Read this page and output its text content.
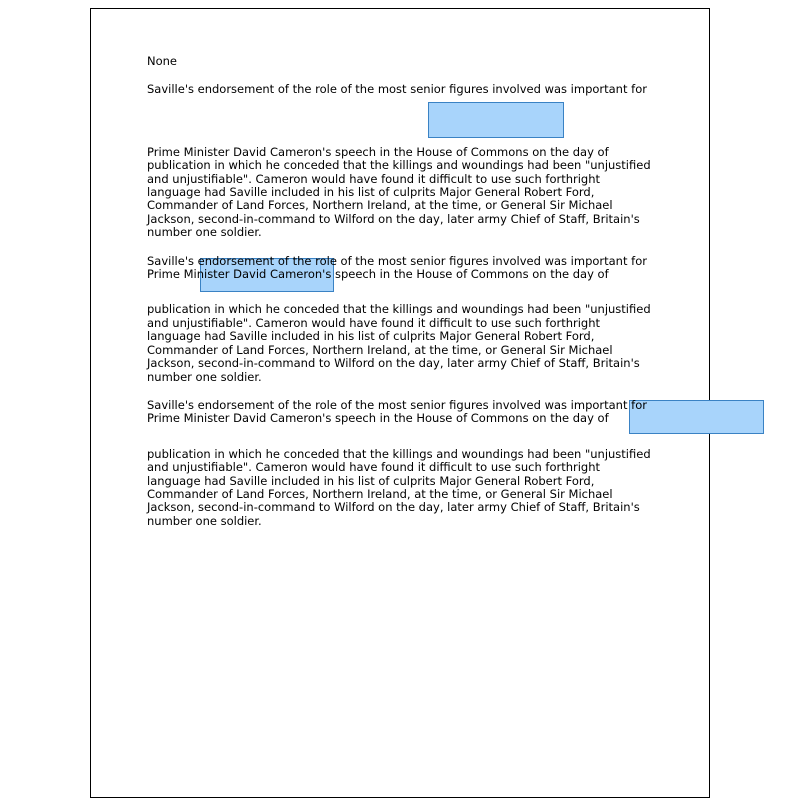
None

Saville's endorsement of the role of the most senior figures involved was important for

Prime Minister David Cameron's speech in the House of Commons on the day of publication in which he conceded that the killings and woundings had been "unjustified and unjustifiable". Cameron would have found it difficult to use such forthright language had Saville included in his list of culprits Major General Robert Ford, Commander of Land Forces, Northern Ireland, at the time, or General Sir Michael Jackson, second-in-command to Wilford on the day, later army Chief of Staff, Britain's number one soldier.

Saville's endorsement of the role of the most senior figures involved was important for Prime Minister David Cameron's speech in the House of Commons on the day of

publication in which he conceded that the killings and woundings had been "unjustified and unjustifiable". Cameron would have found it difficult to use such forthright language had Saville included in his list of culprits Major General Robert Ford, Commander of Land Forces, Northern Ireland, at the time, or General Sir Michael Jackson, second-in-command to Wilford on the day, later army Chief of Staff, Britain's number one soldier.

Saville's endorsement of the role of the most senior figures involved was important for Prime Minister David Cameron's speech in the House of Commons on the day of

publication in which he conceded that the killings and woundings had been "unjustified and unjustifiable". Cameron would have found it difficult to use such forthright language had Saville included in his list of culprits Major General Robert Ford, Commander of Land Forces, Northern Ireland, at the time, or General Sir Michael Jackson, second-in-command to Wilford on the day, later army Chief of Staff, Britain's number one soldier.
